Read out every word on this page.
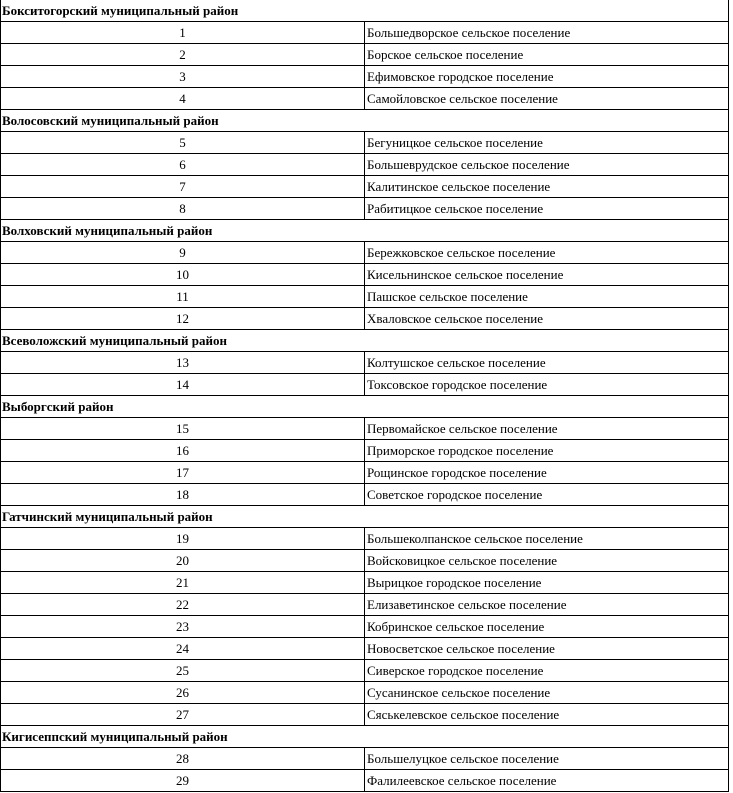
Бокситогорский муниципальный район	
1	Большедворское сельское поселение
2	Борское сельское поселение
3	Ефимовское городское поселение
4	Самойловское сельское поселение
Волосовский муниципальный район	
5	Бегуницкое сельское поселение
6	Большеврудское сельское поселение
7	Калитинское сельское поселение
8	Рабитицкое сельское поселение
Волховский муниципальный район	
9	Бережковское сельское поселение
10	Кисельнинское сельское поселение
11	Пашское сельское поселение
12	Хваловское сельское поселение
Всеволожский муниципальный район	
13	Колтушское сельское поселение
14	Токсовское городское поселение
Выборгский район	
15	Первомайское сельское поселение
16	Приморское городское поселение
17	Рощинское городское поселение
18	Советское городское поселение
Гатчинский муниципальный район	
19	Большеколпанское сельское поселение
20	Войсковицкое сельское поселение
21	Вырицкое городское поселение
22	Елизаветинское сельское поселение
23	Кобринское сельское поселение
24	Новосветское сельское поселение
25	Сиверское городское поселение
26	Сусанинское сельское поселение
27	Сяськелевское сельское поселение
Кигисеппский муниципальный район	
28	Большелуцкое сельское поселение
29	Фалилеевское сельское поселение
